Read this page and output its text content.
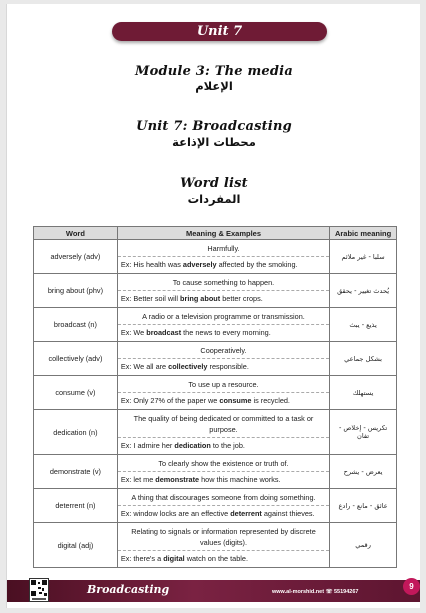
Unit 7
Module 3: The media
الإعلام
Unit 7: Broadcasting
محطات الإذاعة
Word list
المفردات
Word	Meaning & Examples	Arabic meaning
adversely (adv)	Harmfully.
Ex: His health was adversely affected by the smoking.	سلبا - غير ملائم
bring about (phv)	To cause something to happen.
Ex: Better soil will bring about better crops.	يُحدث تغيير - يحقق
broadcast (n)	A radio or a television programme or transmission.
Ex: We broadcast the news to every morning.	يذيع - يبث
collectively (adv)	Cooperatively.
Ex: We all are collectively responsible.	بشكل جماعي
consume (v)	To use up a resource.
Ex: Only 27% of the paper we consume is recycled.	يستهلك
dedication (n)	The quality of being dedicated or committed to a task or purpose.
Ex: I admire her dedication to the job.	تكريس - إخلاص - تفان
demonstrate (v)	To clearly show the existence or truth of.
Ex: let me demonstrate how this machine works.	يعرض - يشرح
deterrent (n)	A thing that discourages someone from doing something.
Ex: window locks are an effective deterrent against thieves.	عائق - مانع - رادع
digital (adj)	Relating to signals or information represented by discrete values (digits).
Ex: there's a digital watch on the table.	رقمي
Broadcasting	www.al-morshid.net ☏ 55194267
9
